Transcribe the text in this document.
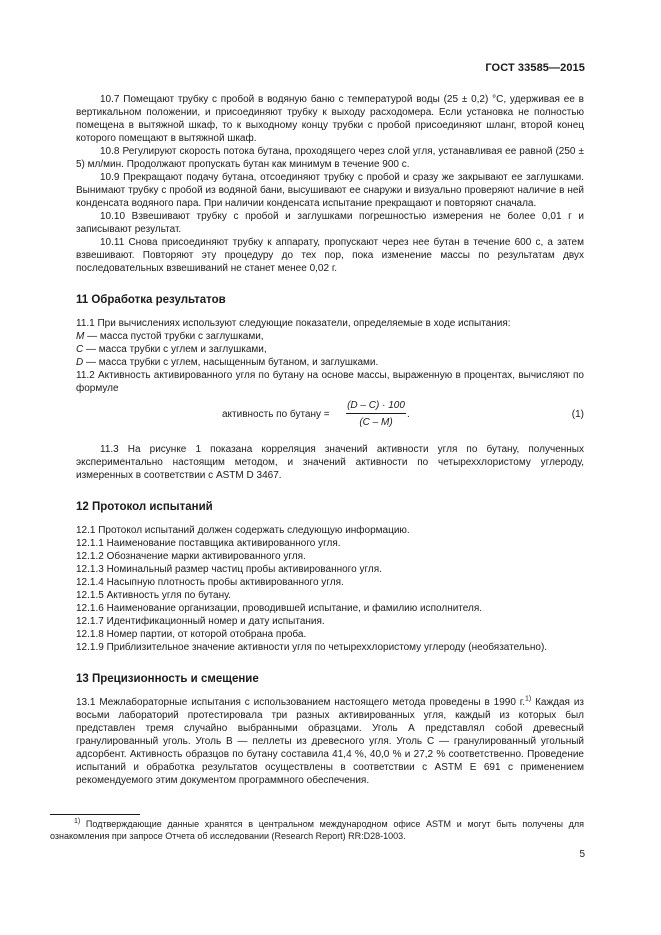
ГОСТ 33585—2015

10.7 Помещают трубку с пробой в водяную баню с температурой воды (25 ± 0,2) °С, удерживая ее в вертикальном положении, и присоединяют трубку к выходу расходомера. Если установка не полностью помещена в вытяжной шкаф, то к выходному концу трубки с пробой присоединяют шланг, второй конец которого помещают в вытяжной шкаф.

10.8 Регулируют скорость потока бутана, проходящего через слой угля, устанавливая ее равной (250 ± 5) мл/мин. Продолжают пропускать бутан как минимум в течение 900 с.

10.9 Прекращают подачу бутана, отсоединяют трубку с пробой и сразу же закрывают ее заглушками. Вынимают трубку с пробой из водяной бани, высушивают ее снаружи и визуально проверяют наличие в ней конденсата водяного пара. При наличии конденсата испытание прекращают и повторяют сначала.

10.10 Взвешивают трубку с пробой и заглушками погрешностью измерения не более 0,01 г и записывают результат.

10.11 Снова присоединяют трубку к аппарату, пропускают через нее бутан в течение 600 с, а затем взвешивают. Повторяют эту процедуру до тех пор, пока изменение массы по результатам двух последовательных взвешиваний не станет менее 0,02 г.

11 Обработка результатов

11.1 При вычислениях используют следующие показатели, определяемые в ходе испытания:

М — масса пустой трубки с заглушками,

С — масса трубки с углем и заглушками,

D — масса трубки с углем, насыщенным бутаном, и заглушками.

11.2 Активность активированного угля по бутану на основе массы, выраженную в процентах, вычисляют по формуле

активность по бутану = $\frac{(D - C) \cdot 100}{(C - M)}$ .	(1)

11.3 На рисунке 1 показана корреляция значений активности угля по бутану, полученных экспериментально настоящим методом, и значений активности по четыреххлористому углероду, измеренных в соответствии с ASTM D 3467.

12 Протокол испытаний

12.1 Протокол испытаний должен содержать следующую информацию.

12.1.1 Наименование поставщика активированного угля.

12.1.2 Обозначение марки активированного угля.

12.1.3 Номинальный размер частиц пробы активированного угля.

12.1.4 Насыпную плотность пробы активированного угля.

12.1.5 Активность угля по бутану.

12.1.6 Наименование организации, проводившей испытание, и фамилию исполнителя.

12.1.7 Идентификационный номер и дату испытания.

12.1.8 Номер партии, от которой отобрана проба.

12.1.9 Приблизительное значение активности угля по четыреххлористому углероду (необязательно).

13 Прецизионность и смещение

13.1 Межлабораторные испытания с использованием настоящего метода проведены в 1990 г.$^{1)}$ Каждая из восьми лабораторий протестировала три разных активированных угля, каждый из которых был представлен тремя случайно выбранными образцами. Уголь А представлял собой древесный гранулированный уголь. Уголь В — пеллеты из древесного угля. Уголь С — гранулированный угольный адсорбент. Активность образцов по бутану составила 41,4 %, 40,0 % и 27,2 % соответственно. Проведение испытаний и обработка результатов осуществлены в соответствии с ASTM E 691 с применением рекомендуемого этим документом программного обеспечения.

$^{1)}$ Подтверждающие данные хранятся в центральном международном офисе ASTM и могут быть получены для ознакомления при запросе Отчета об исследовании (Research Report) RR:D28-1003.
5
